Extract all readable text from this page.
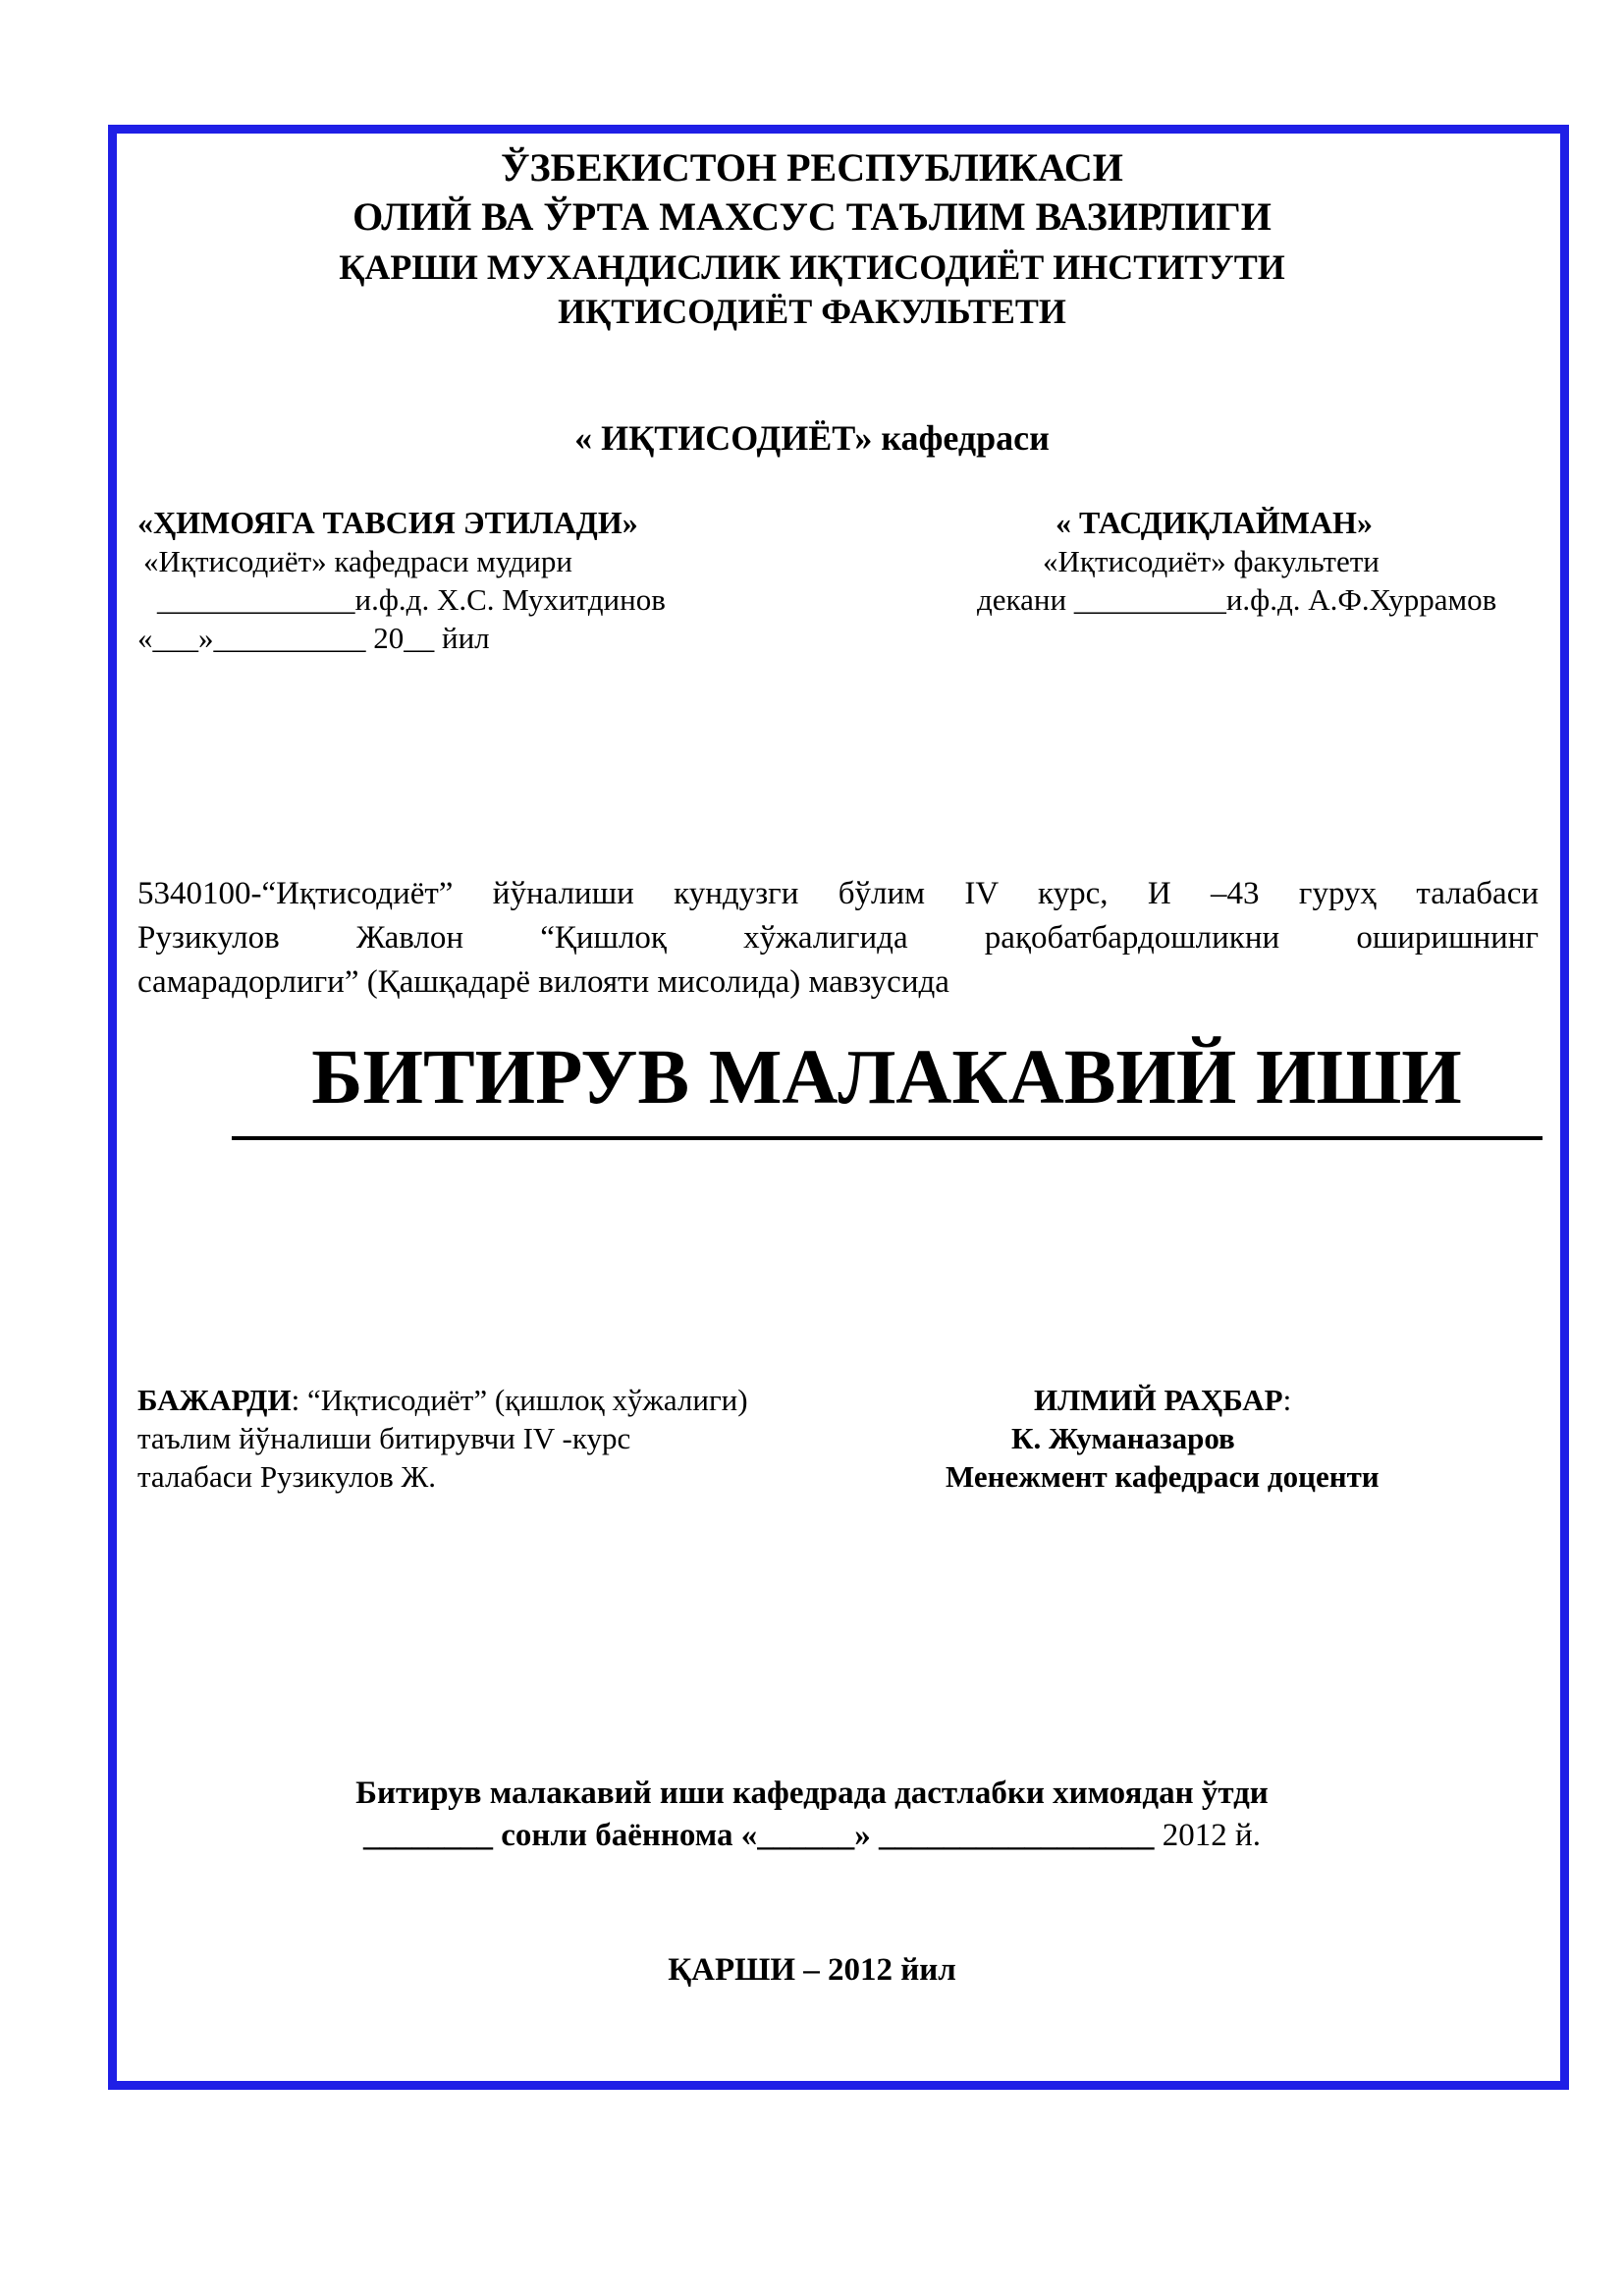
ЎЗБЕКИСТОН РЕСПУБЛИКАСИ
ОЛИЙ ВА ЎРТА МАХСУС ТАЪЛИМ ВАЗИРЛИГИ
ҚАРШИ МУХАНДИСЛИК ИҚТИСОДИЁТ ИНСТИТУТИ
ИҚТИСОДИЁТ ФАКУЛЬТЕТИ
« ИҚТИСОДИЁТ» кафедраси
«ҲИМОЯГА ТАВСИЯ ЭТИЛАДИ»
«Иқтисодиёт» кафедраси мудири
_____________и.ф.д. Х.С. Мухитдинов
«___»__________ 20__ йил
« ТАСДИҚЛАЙМАН»
«Иқтисодиёт» факультети
декани __________и.ф.д. А.Ф.Хуррамов
5340100-“Иқтисодиёт” йўналиши кундузги бўлим IV курс, И –43 гуруҳ талабаси
Рузикулов Жавлон “Қишлоқ хўжалигида рақобатбардошликни оширишнинг
самарадорлиги” (Қашқадарё вилояти мисолида) мавзусида
БИТИРУВ МАЛАКАВИЙ ИШИ
БАЖАРДИ: “Иқтисодиёт” (қишлоқ хўжалиги)
таълим йўналиши битирувчи IV -курс
талабаси Рузикулов Ж.
ИЛМИЙ РАҲБАР:
К. Жуманазаров
Менежмент кафедраси доценти
Битирув малакавий иши кафедрада дастлабки химоядан ўтди
________ сонли баённома «______» _________________ 2012 й.
ҚАРШИ – 2012 йил
